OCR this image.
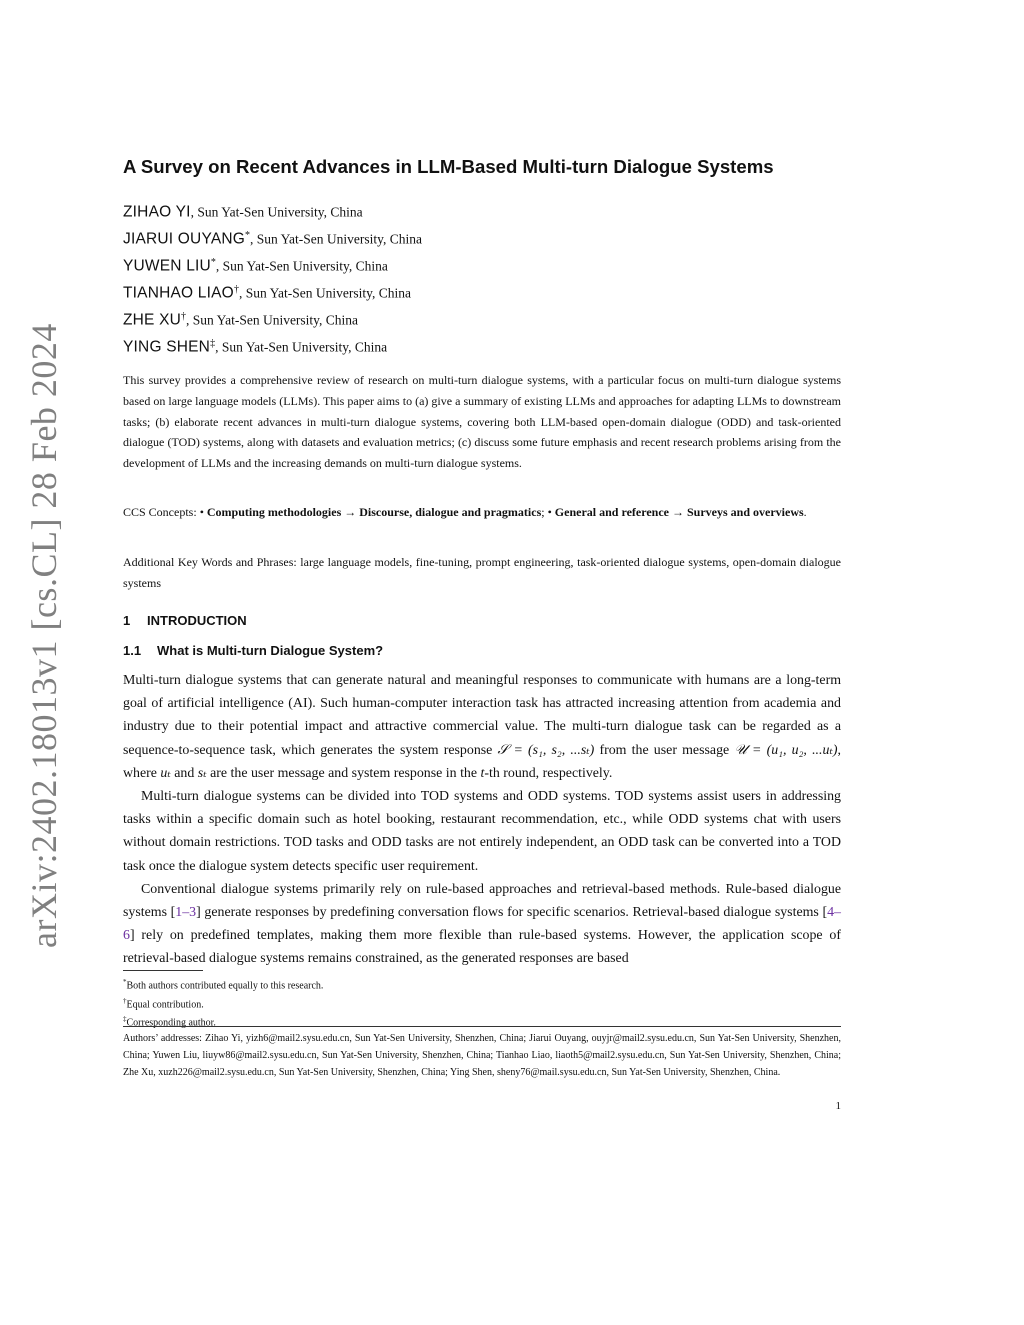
arXiv:2402.18013v1 [cs.CL] 28 Feb 2024
A Survey on Recent Advances in LLM-Based Multi-turn Dialogue Systems
ZIHAO YI, Sun Yat-Sen University, China
JIARUI OUYANG*, Sun Yat-Sen University, China
YUWEN LIU*, Sun Yat-Sen University, China
TIANHAO LIAO†, Sun Yat-Sen University, China
ZHE XU†, Sun Yat-Sen University, China
YING SHEN‡, Sun Yat-Sen University, China
This survey provides a comprehensive review of research on multi-turn dialogue systems, with a particular focus on multi-turn dialogue systems based on large language models (LLMs). This paper aims to (a) give a summary of existing LLMs and approaches for adapting LLMs to downstream tasks; (b) elaborate recent advances in multi-turn dialogue systems, covering both LLM-based open-domain dialogue (ODD) and task-oriented dialogue (TOD) systems, along with datasets and evaluation metrics; (c) discuss some future emphasis and recent research problems arising from the development of LLMs and the increasing demands on multi-turn dialogue systems.
CCS Concepts: • Computing methodologies → Discourse, dialogue and pragmatics; • General and reference → Surveys and overviews.
Additional Key Words and Phrases: large language models, fine-tuning, prompt engineering, task-oriented dialogue systems, open-domain dialogue systems
1 INTRODUCTION
1.1 What is Multi-turn Dialogue System?

Multi-turn dialogue systems that can generate natural and meaningful responses to communicate with humans are a long-term goal of artificial intelligence (AI). Such human-computer interaction task has attracted increasing attention from academia and industry due to their potential impact and attractive commercial value. The multi-turn dialogue task can be regarded as a sequence-to-sequence task, which generates the system response 𝒮 = (s₁, s₂, ...sₜ) from the user message 𝒰 = (u₁, u₂, ...uₜ), where uₜ and sₜ are the user message and system response in the t-th round, respectively.

Multi-turn dialogue systems can be divided into TOD systems and ODD systems. TOD systems assist users in addressing tasks within a specific domain such as hotel booking, restaurant recommendation, etc., while ODD systems chat with users without domain restrictions. TOD tasks and ODD tasks are not entirely independent, an ODD task can be converted into a TOD task once the dialogue system detects specific user requirement.

Conventional dialogue systems primarily rely on rule-based approaches and retrieval-based methods. Rule-based dialogue systems [1–3] generate responses by predefining conversation flows for specific scenarios. Retrieval-based dialogue systems [4–6] rely on predefined templates, making them more flexible than rule-based systems. However, the application scope of retrieval-based dialogue systems remains constrained, as the generated responses are based

*Both authors contributed equally to this research.
†Equal contribution.
‡Corresponding author.
Authors’ addresses: Zihao Yi, yizh6@mail2.sysu.edu.cn, Sun Yat-Sen University, Shenzhen, China; Jiarui Ouyang, ouyjr@mail2.sysu.edu.cn, Sun Yat-Sen University, Shenzhen, China; Yuwen Liu, liuyw86@mail2.sysu.edu.cn, Sun Yat-Sen University, Shenzhen, China; Tianhao Liao, liaoth5@mail2.sysu.edu.cn, Sun Yat-Sen University, Shenzhen, China; Zhe Xu, xuzh226@mail2.sysu.edu.cn, Sun Yat-Sen University, Shenzhen, China; Ying Shen, sheny76@mail.sysu.edu.cn, Sun Yat-Sen University, Shenzhen, China.
1
